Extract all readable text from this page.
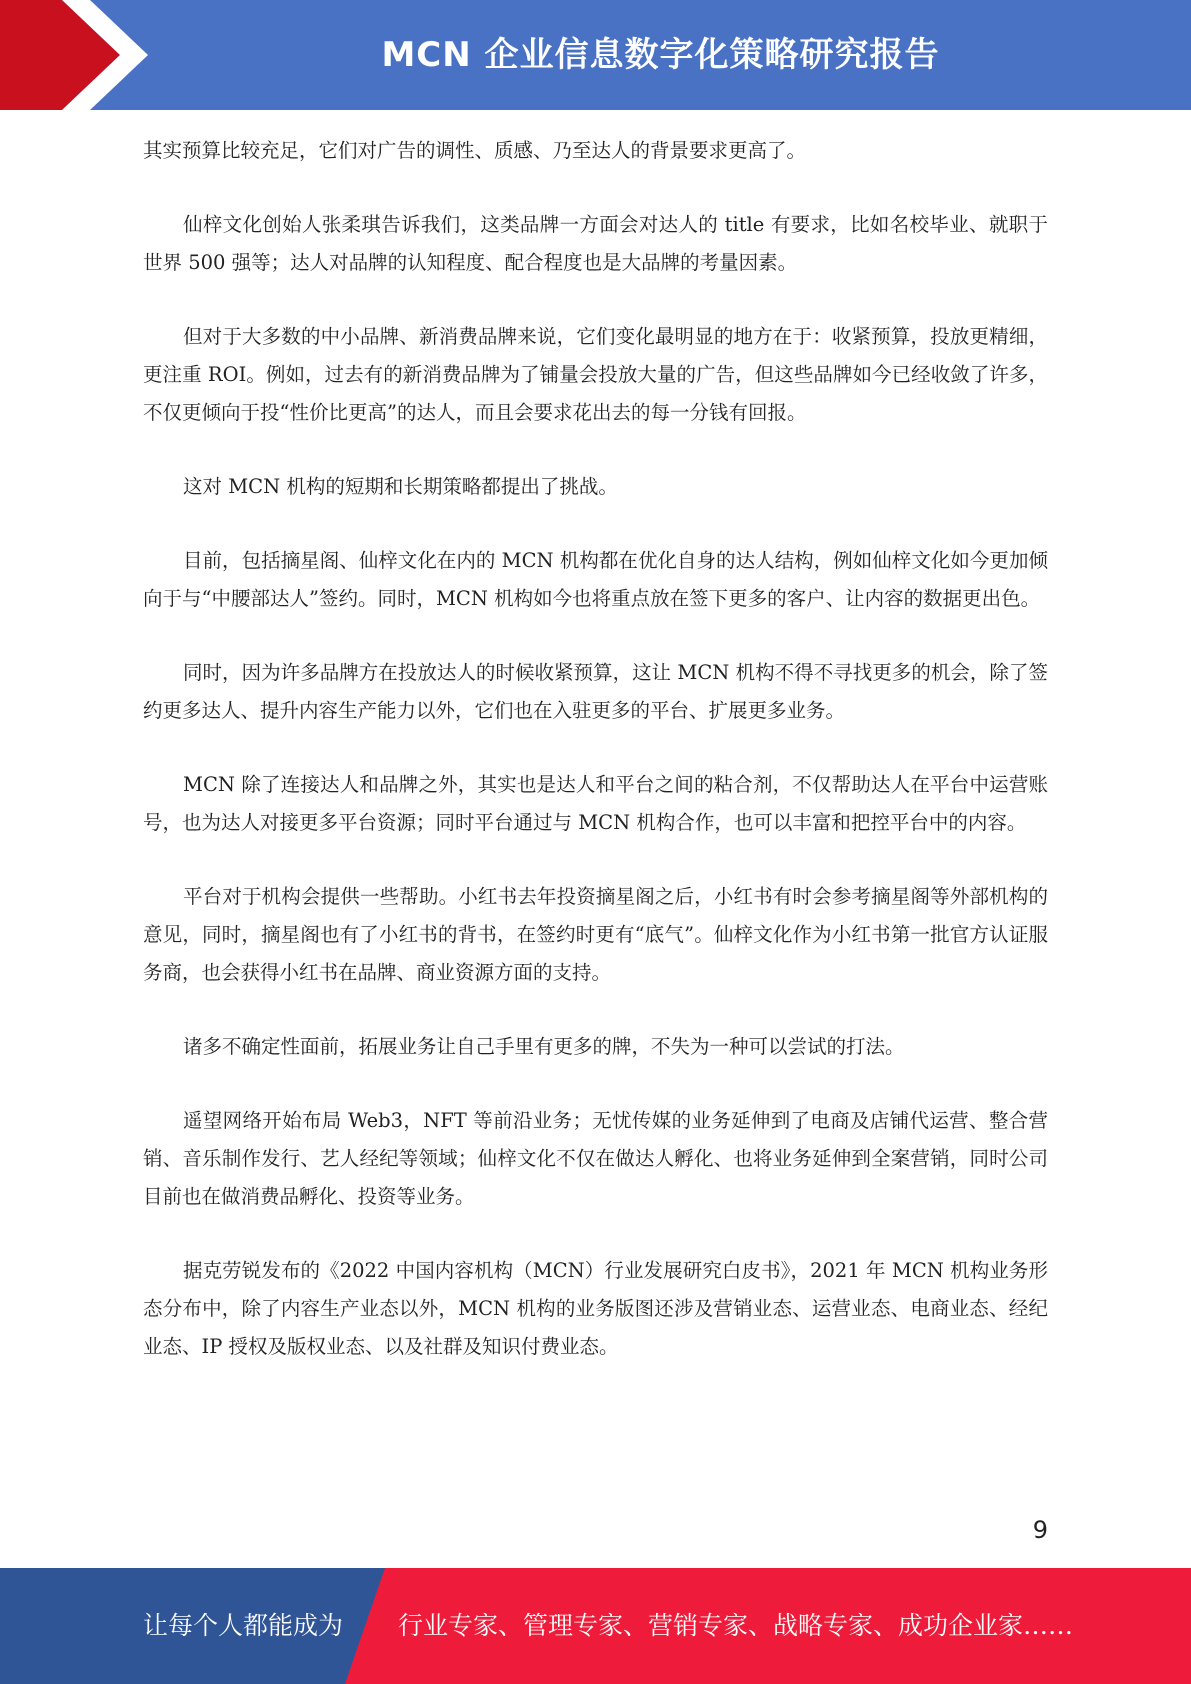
MCN 企业信息数字化策略研究报告

其实预算比较充足，它们对广告的调性、质感、乃至达人的背景要求更高了。

仙梓文化创始人张柔琪告诉我们，这类品牌一方面会对达人的 title 有要求，比如名校毕业、就职于世界 500 强等；达人对品牌的认知程度、配合程度也是大品牌的考量因素。

但对于大多数的中小品牌、新消费品牌来说，它们变化最明显的地方在于：收紧预算，投放更精细，更注重 ROI。例如，过去有的新消费品牌为了铺量会投放大量的广告，但这些品牌如今已经收敛了许多，不仅更倾向于投“性价比更高”的达人，而且会要求花出去的每一分钱有回报。

这对 MCN 机构的短期和长期策略都提出了挑战。

目前，包括摘星阁、仙梓文化在内的 MCN 机构都在优化自身的达人结构，例如仙梓文化如今更加倾向于与“中腰部达人”签约。同时，MCN 机构如今也将重点放在签下更多的客户、让内容的数据更出色。

同时，因为许多品牌方在投放达人的时候收紧预算，这让 MCN 机构不得不寻找更多的机会，除了签约更多达人、提升内容生产能力以外，它们也在入驻更多的平台、扩展更多业务。

MCN 除了连接达人和品牌之外，其实也是达人和平台之间的粘合剂，不仅帮助达人在平台中运营账号，也为达人对接更多平台资源；同时平台通过与 MCN 机构合作，也可以丰富和把控平台中的内容。

平台对于机构会提供一些帮助。小红书去年投资摘星阁之后，小红书有时会参考摘星阁等外部机构的意见，同时，摘星阁也有了小红书的背书，在签约时更有“底气”。仙梓文化作为小红书第一批官方认证服务商，也会获得小红书在品牌、商业资源方面的支持。

诸多不确定性面前，拓展业务让自己手里有更多的牌，不失为一种可以尝试的打法。

遥望网络开始布局 Web3，NFT 等前沿业务；无忧传媒的业务延伸到了电商及店铺代运营、整合营销、音乐制作发行、艺人经纪等领域；仙梓文化不仅在做达人孵化、也将业务延伸到全案营销，同时公司目前也在做消费品孵化、投资等业务。

据克劳锐发布的《2022 中国内容机构（MCN）行业发展研究白皮书》，2021 年 MCN 机构业务形态分布中，除了内容生产业态以外，MCN 机构的业务版图还涉及营销业态、运营业态、电商业态、经纪业态、IP 授权及版权业态、以及社群及知识付费业态。

9
让每个人都能成为 行业专家、管理专家、营销专家、战略专家、成功企业家……
